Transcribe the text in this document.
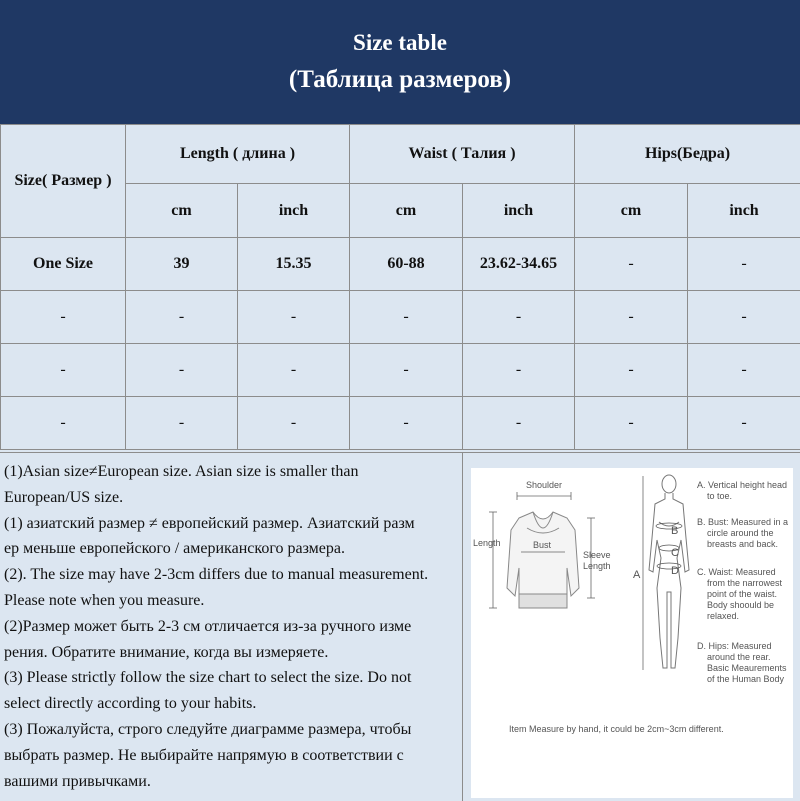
Size table
(Таблица размеров)
Size( Размер )	Length ( длина )		Waist ( Талия )		Hips(Бедра)	
	cm	inch	cm	inch	cm	inch
One Size	39	15.35	60-88	23.62-34.65	-	-
-	-	-	-	-	-	-
-	-	-	-	-	-	-
-	-	-	-	-	-	-

(1)Asian size≠European size. Asian size is smaller than

European/US size.

(1) азиатский размер ≠ европейский размер. Азиатский разм

ер меньше европейского / американского размера.

(2). The size may have 2-3cm differs due to manual measurement.

Please note when you measure.

(2)Размер может быть 2-3 см отличается из-за ручного изме

рения. Обратите внимание, когда вы измеряете.

(3) Please strictly follow the size chart to select the size. Do not

select directly according to your habits.

(3) Пожалуйста, строго следуйте диаграмме размера, чтобы

выбрать размер. Не выбирайте напрямую в соответствии с

вашими привычками.

Shoulder
Length	Bust
Sleeve
Length
A
B
C
D
A. Vertical height head
to toe.
B. Bust: Measured in a
circle around the
breasts and back.
C. Waist: Measured
from the narrowest
point of the waist.
Body shoould be
relaxed.
D. Hips: Measured
around the rear.
Basic Meaurements
of the Human Body
Item Measure by hand, it could be 2cm~3cm different.
